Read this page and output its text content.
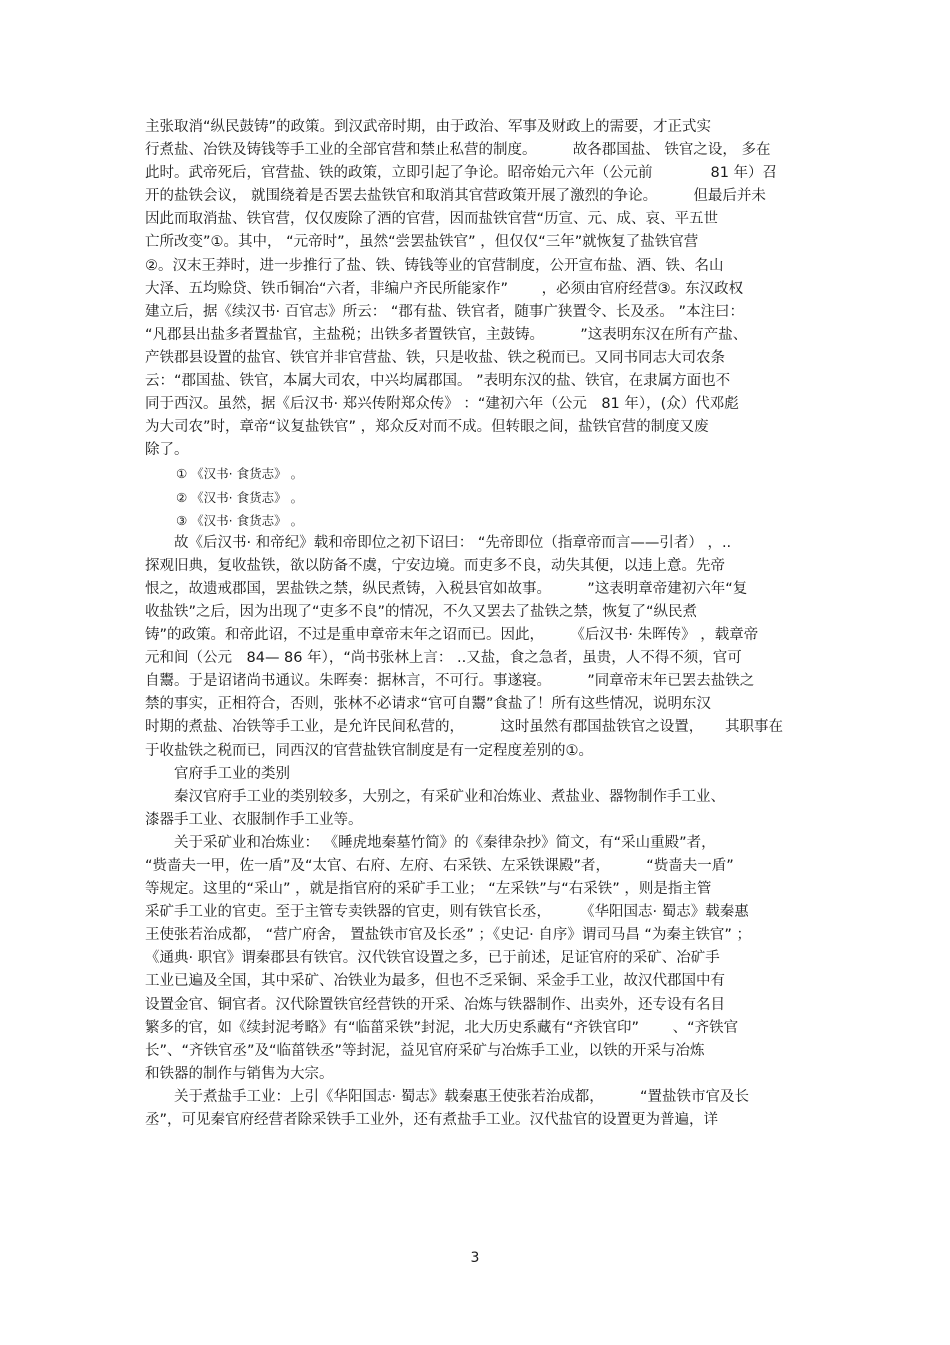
主张取消“纵民鼓铸”的政策。到汉武帝时期，由于政治、军事及财政上的需要，才正式实
行煮盐、冶铁及铸钱等手工业的全部官营和禁止私营的制度。　　　故各郡国盐、 铁官之设， 多在
此时。武帝死后，官营盐、铁的政策，立即引起了争论。昭帝始元六年（公元前　　　　81 年）召
开的盐铁会议， 就围绕着是否罢去盐铁官和取消其官营政策开展了激烈的争论。　　　但最后并未
因此而取消盐、铁官营，仅仅废除了酒的官营，因而盐铁官营“历宣、元、成、哀、平五世
亡所改变”①。其中， “元帝时”，虽然“尝罢盐铁官” ，但仅仅“三年”就恢复了盐铁官营
②。汉末王莽时，进一步推行了盐、铁、铸钱等业的官营制度，公开宣布盐、酒、铁、名山
大泽、五均赊贷、铁币铜冶“六者，非编户齐民所能家作”　　 ，必须由官府经营③。东汉政权
建立后，据《续汉书· 百官志》所云： “郡有盐、铁官者，随事广狭置令、长及丞。 ”本注曰：
“凡郡县出盐多者置盐官，主盐税；出铁多者置铁官，主鼓铸。　　　”这表明东汉在所有产盐、
产铁郡县设置的盐官、铁官并非官营盐、铁，只是收盐、铁之税而已。又同书同志大司农条
云：“郡国盐、铁官，本属大司农，中兴均属郡国。 ”表明东汉的盐、铁官，在隶属方面也不
同于西汉。虽然，据《后汉书· 郑兴传附郑众传》 ：“建初六年（公元　81 年），(众）代邓彪
为大司农”时，章帝“议复盐铁官” ，郑众反对而不成。但转眼之间，盐铁官营的制度又废
除了。
① 《汉书· 食货志》 。
② 《汉书· 食货志》 。
③ 《汉书· 食货志》 。
故《后汉书· 和帝纪》载和帝即位之初下诏曰： “先帝即位（指章帝而言——引者） ，..
探观旧典，复收盐铁，欲以防备不虞，宁安边境。而吏多不良，动失其便，以违上意。先帝
恨之，故遗戒郡国，罢盐铁之禁，纵民煮铸，入税县官如故事。　　　”这表明章帝建初六年“复
收盐铁”之后，因为出现了“吏多不良”的情况，不久又罢去了盐铁之禁，恢复了“纵民煮
铸”的政策。和帝此诏，不过是重申章帝末年之诏而已。因此，　　 《后汉书· 朱晖传》 ，载章帝
元和间（公元　84— 86 年），“尚书张林上言： ..又盐，食之急者，虽贵，人不得不须，官可
自鬻。于是诏诸尚书通议。朱晖奏：据林言，不可行。事遂寝。　　　”同章帝末年已罢去盐铁之
禁的事实，正相符合，否则，张林不必请求“官可自鬻”食盐了！所有这些情况，说明东汉
时期的煮盐、冶铁等手工业，是允许民间私营的，　　　这时虽然有郡国盐铁官之设置，　　其职事在
于收盐铁之税而已，同西汉的官营盐铁官制度是有一定程度差别的①。
官府手工业的类别
秦汉官府手工业的类别较多，大别之，有采矿业和冶炼业、煮盐业、器物制作手工业、
漆器手工业、衣服制作手工业等。
关于采矿业和冶炼业： 《睡虎地秦墓竹简》的《秦律杂抄》简文，有“采山重殿”者，
“赀啬夫一甲，佐一盾”及“太官、右府、左府、右采铁、左采铁课殿”者，　　　“赀啬夫一盾”
等规定。这里的“采山” ，就是指官府的采矿手工业； “左采铁”与“右采铁” ，则是指主管
采矿手工业的官吏。至于主管专卖铁器的官吏，则有铁官长丞，　　　《华阳国志· 蜀志》载秦惠
王使张若治成都， “营广府舍， 置盐铁市官及长丞” ；《史记· 自序》谓司马昌 “为秦主铁官” ；
《通典· 职官》谓秦郡县有铁官。汉代铁官设置之多，已于前述，足证官府的采矿、冶矿手
工业已遍及全国，其中采矿、冶铁业为最多，但也不乏采铜、采金手工业，故汉代郡国中有
设置金官、铜官者。汉代除置铁官经营铁的开采、冶炼与铁器制作、出卖外，还专设有名目
繁多的官，如《续封泥考略》有“临菑采铁”封泥，北大历史系藏有“齐铁官印”　　 、“齐铁官
长”、“齐铁官丞”及“临菑铁丞”等封泥，益见官府采矿与冶炼手工业，以铁的开采与冶炼
和铁器的制作与销售为大宗。
关于煮盐手工业：上引《华阳国志· 蜀志》载秦惠王使张若治成都，　　　“置盐铁市官及长
丞”，可见秦官府经营者除采铁手工业外，还有煮盐手工业。汉代盐官的设置更为普遍，详
3
